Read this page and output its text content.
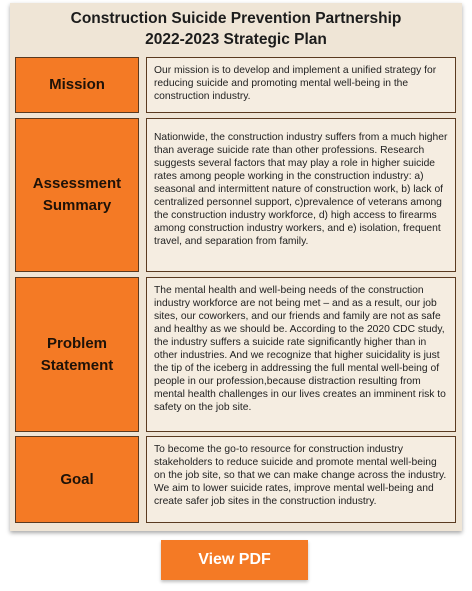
Construction Suicide Prevention Partnership
2022-2023 Strategic Plan
Mission
Our mission is to develop and implement a unified strategy for reducing suicide and promoting mental well-being in the construction industry.
Assessment Summary
Nationwide, the construction industry suffers from a much higher than average suicide rate than other professions. Research suggests several factors that may play a role in higher suicide rates among people working in the construction industry: a) seasonal and intermittent nature of construction work, b) lack of centralized personnel support, c)prevalence of veterans among the construction industry workforce, d) high access to firearms among construction industry workers, and e) isolation, frequent travel, and separation from family.
Problem Statement
The mental health and well-being needs of the construction industry workforce are not being met – and as a result, our job sites, our coworkers, and our friends and family are not as safe and healthy as we should be. According to the 2020 CDC study, the industry suffers a suicide rate significantly higher than in other industries. And we recognize that higher suicidality is just the tip of the iceberg in addressing the full mental well-being of people in our profession,because distraction resulting from mental health challenges in our lives creates an imminent risk to safety on the job site.
Goal
To become the go-to resource for construction industry stakeholders to reduce suicide and promote mental well-being on the job site, so that we can make change across the industry. We aim to lower suicide rates, improve mental well-being and create safer job sites in the construction industry.
View PDF
